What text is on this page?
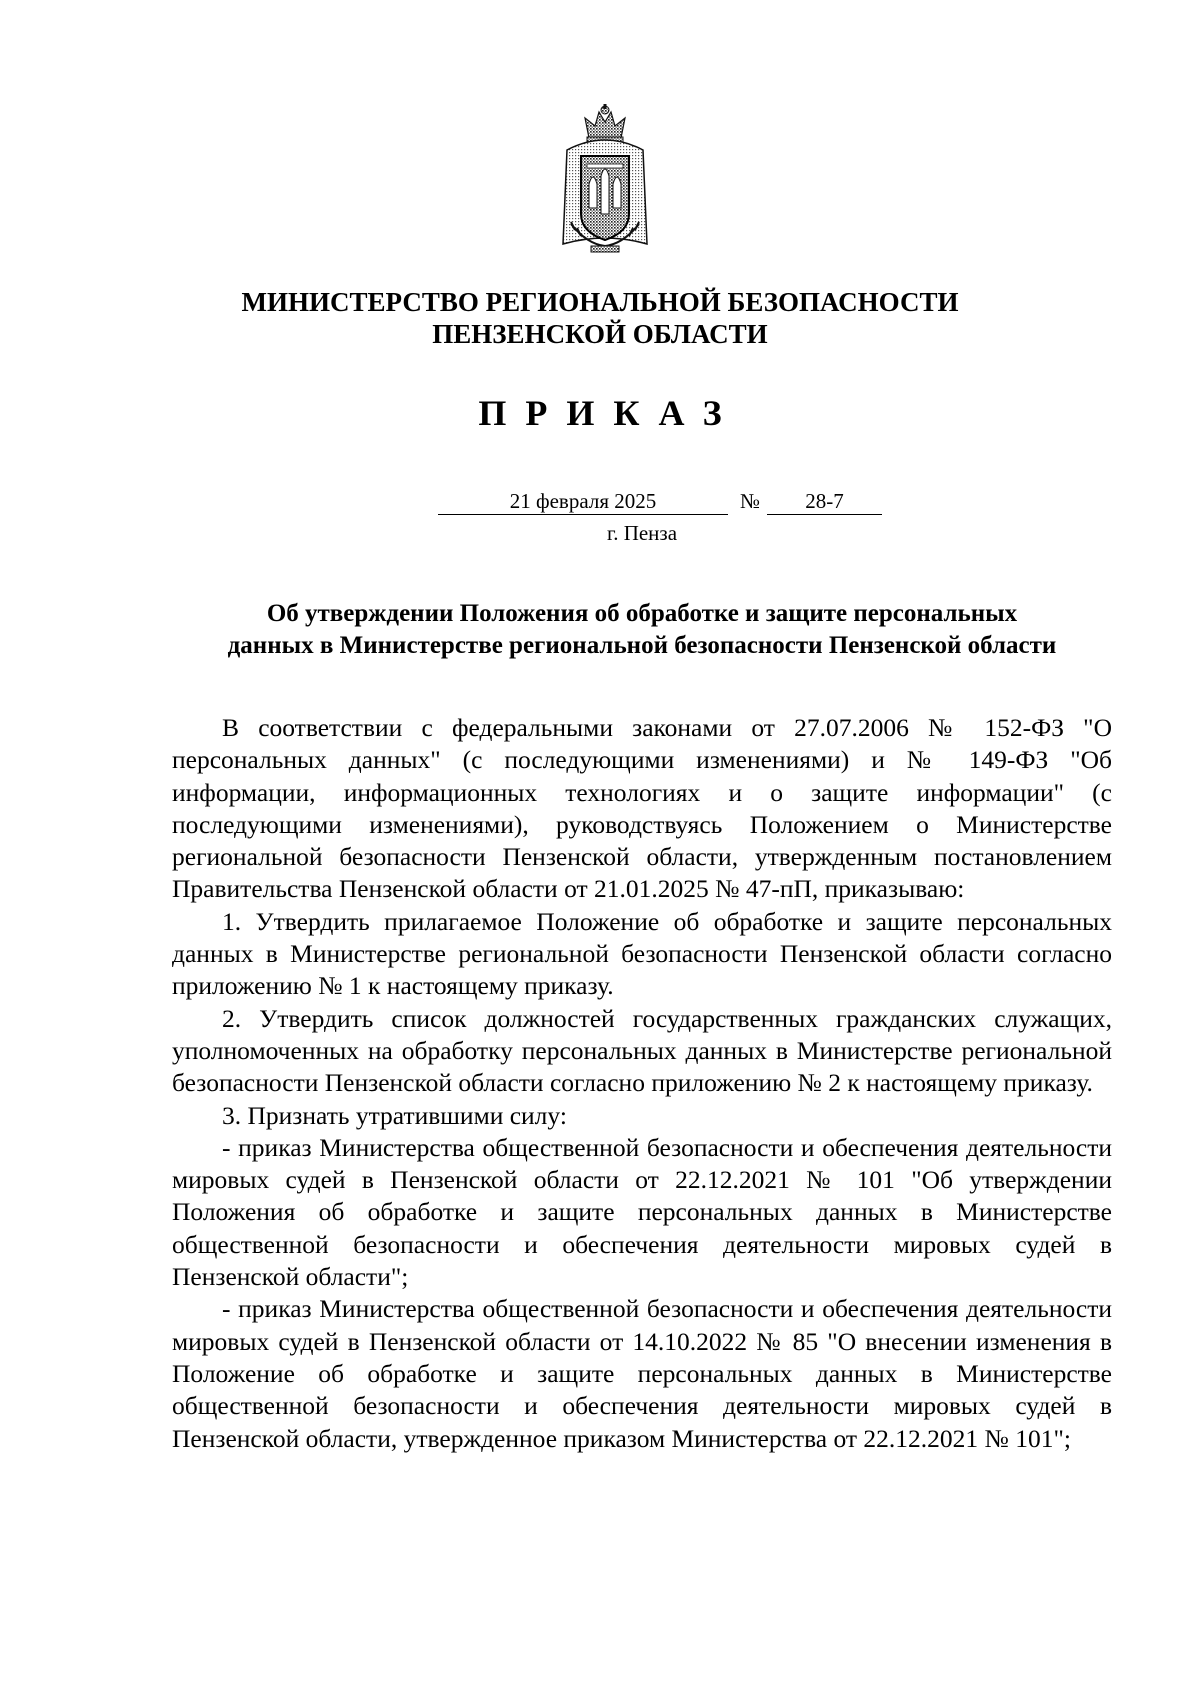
МИНИСТЕРСТВО РЕГИОНАЛЬНОЙ БЕЗОПАСНОСТИ
ПЕНЗЕНСКОЙ ОБЛАСТИ
ПРИКАЗ
21 февраля 2025	№	28-7
г. Пенза
Об утверждении Положения об обработке и защите персональных
данных в Министерстве региональной безопасности Пензенской области

В соответствии с федеральными законами от 27.07.2006 № 152-ФЗ "О персональных данных" (с последующими изменениями) и № 149-ФЗ "Об информации, информационных технологиях и о защите информации" (с последующими изменениями), руководствуясь Положением о Министерстве региональной безопасности Пензенской области, утвержденным постановлением Правительства Пензенской области от 21.01.2025 № 47-пП, приказываю:

1. Утвердить прилагаемое Положение об обработке и защите персональных данных в Министерстве региональной безопасности Пензенской области согласно приложению № 1 к настоящему приказу.

2. Утвердить список должностей государственных гражданских служащих, уполномоченных на обработку персональных данных в Министерстве региональной безопасности Пензенской области согласно приложению № 2 к настоящему приказу.

3. Признать утратившими силу:

- приказ Министерства общественной безопасности и обеспечения деятельности мировых судей в Пензенской области от 22.12.2021 № 101 "Об утверждении Положения об обработке и защите персональных данных в Министерстве общественной безопасности и обеспечения деятельности мировых судей в Пензенской области";

- приказ Министерства общественной безопасности и обеспечения деятельности мировых судей в Пензенской области от 14.10.2022 № 85 "О внесении изменения в Положение об обработке и защите персональных данных в Министерстве общественной безопасности и обеспечения деятельности мировых судей в Пензенской области, утвержденное приказом Министерства от 22.12.2021 № 101";
